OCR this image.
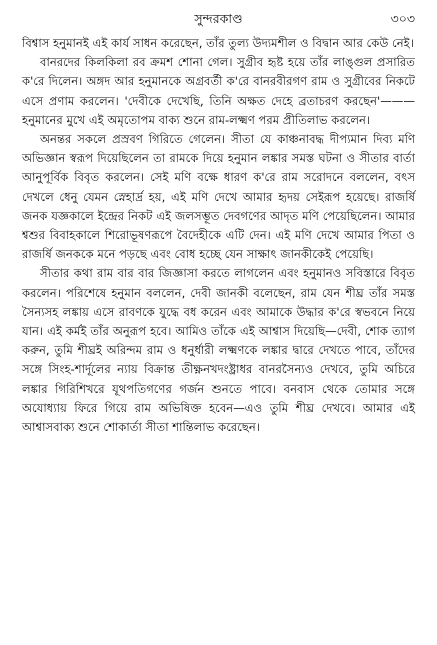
সুন্দরকাণ্ড	৩০৩

বিশ্বাস হনুমানই এই কার্য সাধন করেছেন, তাঁর তুল্য উদ্যমশীল ও বিদ্বান আর কেউ নেই।

বানরদের কিলকিলা রব ক্রমশ শোনা গেল। সুগ্রীব হৃষ্ট হয়ে তাঁর লাঙ্গুল প্রসারিত ক'রে দিলেন। অঙ্গদ আর হনুমানকে অগ্রবর্তী ক'রে বানরবীরগণ রাম ও সুগ্রীবের নিকটে এসে প্রণাম করলেন। 'দেবীকে দেখেছি, তিনি অক্ষত দেহে ব্রতাচরণ করছেন'———হনুমানের মুখে এই অমৃতোপম বাক্য শুনে রাম-লক্ষ্মণ পরম প্রীতিলাভ করলেন।

অনন্তর সকলে প্রস্রবণ গিরিতে গেলেন। সীতা যে কাঞ্চনাবদ্ধ দীপ্যমান দিব্য মণি অভিজ্ঞান স্বরূপ দিয়েছিলেন তা রামকে দিয়ে হনুমান লঙ্কার সমস্ত ঘটনা ও সীতার বার্তা আনুপূর্বিক বিবৃত করলেন। সেই মণি বক্ষে ধারণ ক'রে রাম সরোদনে বললেন, বৎস দেখলে ধেনু যেমন স্নেহার্দ্র হয়, এই মণি দেখে আমার হৃদয় সেইরূপ হয়েছে। রাজর্ষি জনক যজ্ঞকালে ইন্দ্রের নিকট এই জলসম্ভূত দেবগণের আদৃত মণি পেয়েছিলেন। আমার শ্বশুর বিবাহকালে শিরোভূষণরূপে বৈদেহীকে এটি দেন। এই মণি দেখে আমার পিতা ও রাজর্ষি জনককে মনে পড়ছে এবং বোধ হচ্ছে যেন সাক্ষাৎ জানকীকেই পেয়েছি।

সীতার কথা রাম বার বার জিজ্ঞাসা করতে লাগলেন এবং হনুমানও সবিস্তারে বিবৃত করলেন। পরিশেষে হনুমান বললেন, দেবী জানকী বলেছেন, রাম যেন শীঘ্র তাঁর সমস্ত সৈন্যসহ লঙ্কায় এসে রাবণকে যুদ্ধে বধ করেন এবং আমাকে উদ্ধার ক'রে স্বভবনে নিয়ে যান। এই কর্মই তাঁর অনুরূপ হবে। আমিও তাঁকে এই আশ্বাস দিয়েছি—দেবী, শোক ত্যাগ করুন, তুমি শীঘ্রই অরিন্দম রাম ও ধনুর্ধারী লক্ষ্মণকে লঙ্কার দ্বারে দেখতে পাবে, তাঁদের সঙ্গে সিংহ-শার্দূলের ন্যায় বিক্রান্ত তীক্ষ্ণনখদংষ্ট্রাধর বানরসৈন্যও দেখবে, তুমি অচিরে লঙ্কার গিরিশিখরে যূথপতিগণের গর্জন শুনতে পাবে। বনবাস থেকে তোমার সঙ্গে অযোধ্যায় ফিরে গিয়ে রাম অভিষিক্ত হবেন—এও তুমি শীঘ্র দেখবে। আমার এই আশ্বাসবাক্য শুনে শোকার্তা সীতা শান্তিলাভ করেছেন।
